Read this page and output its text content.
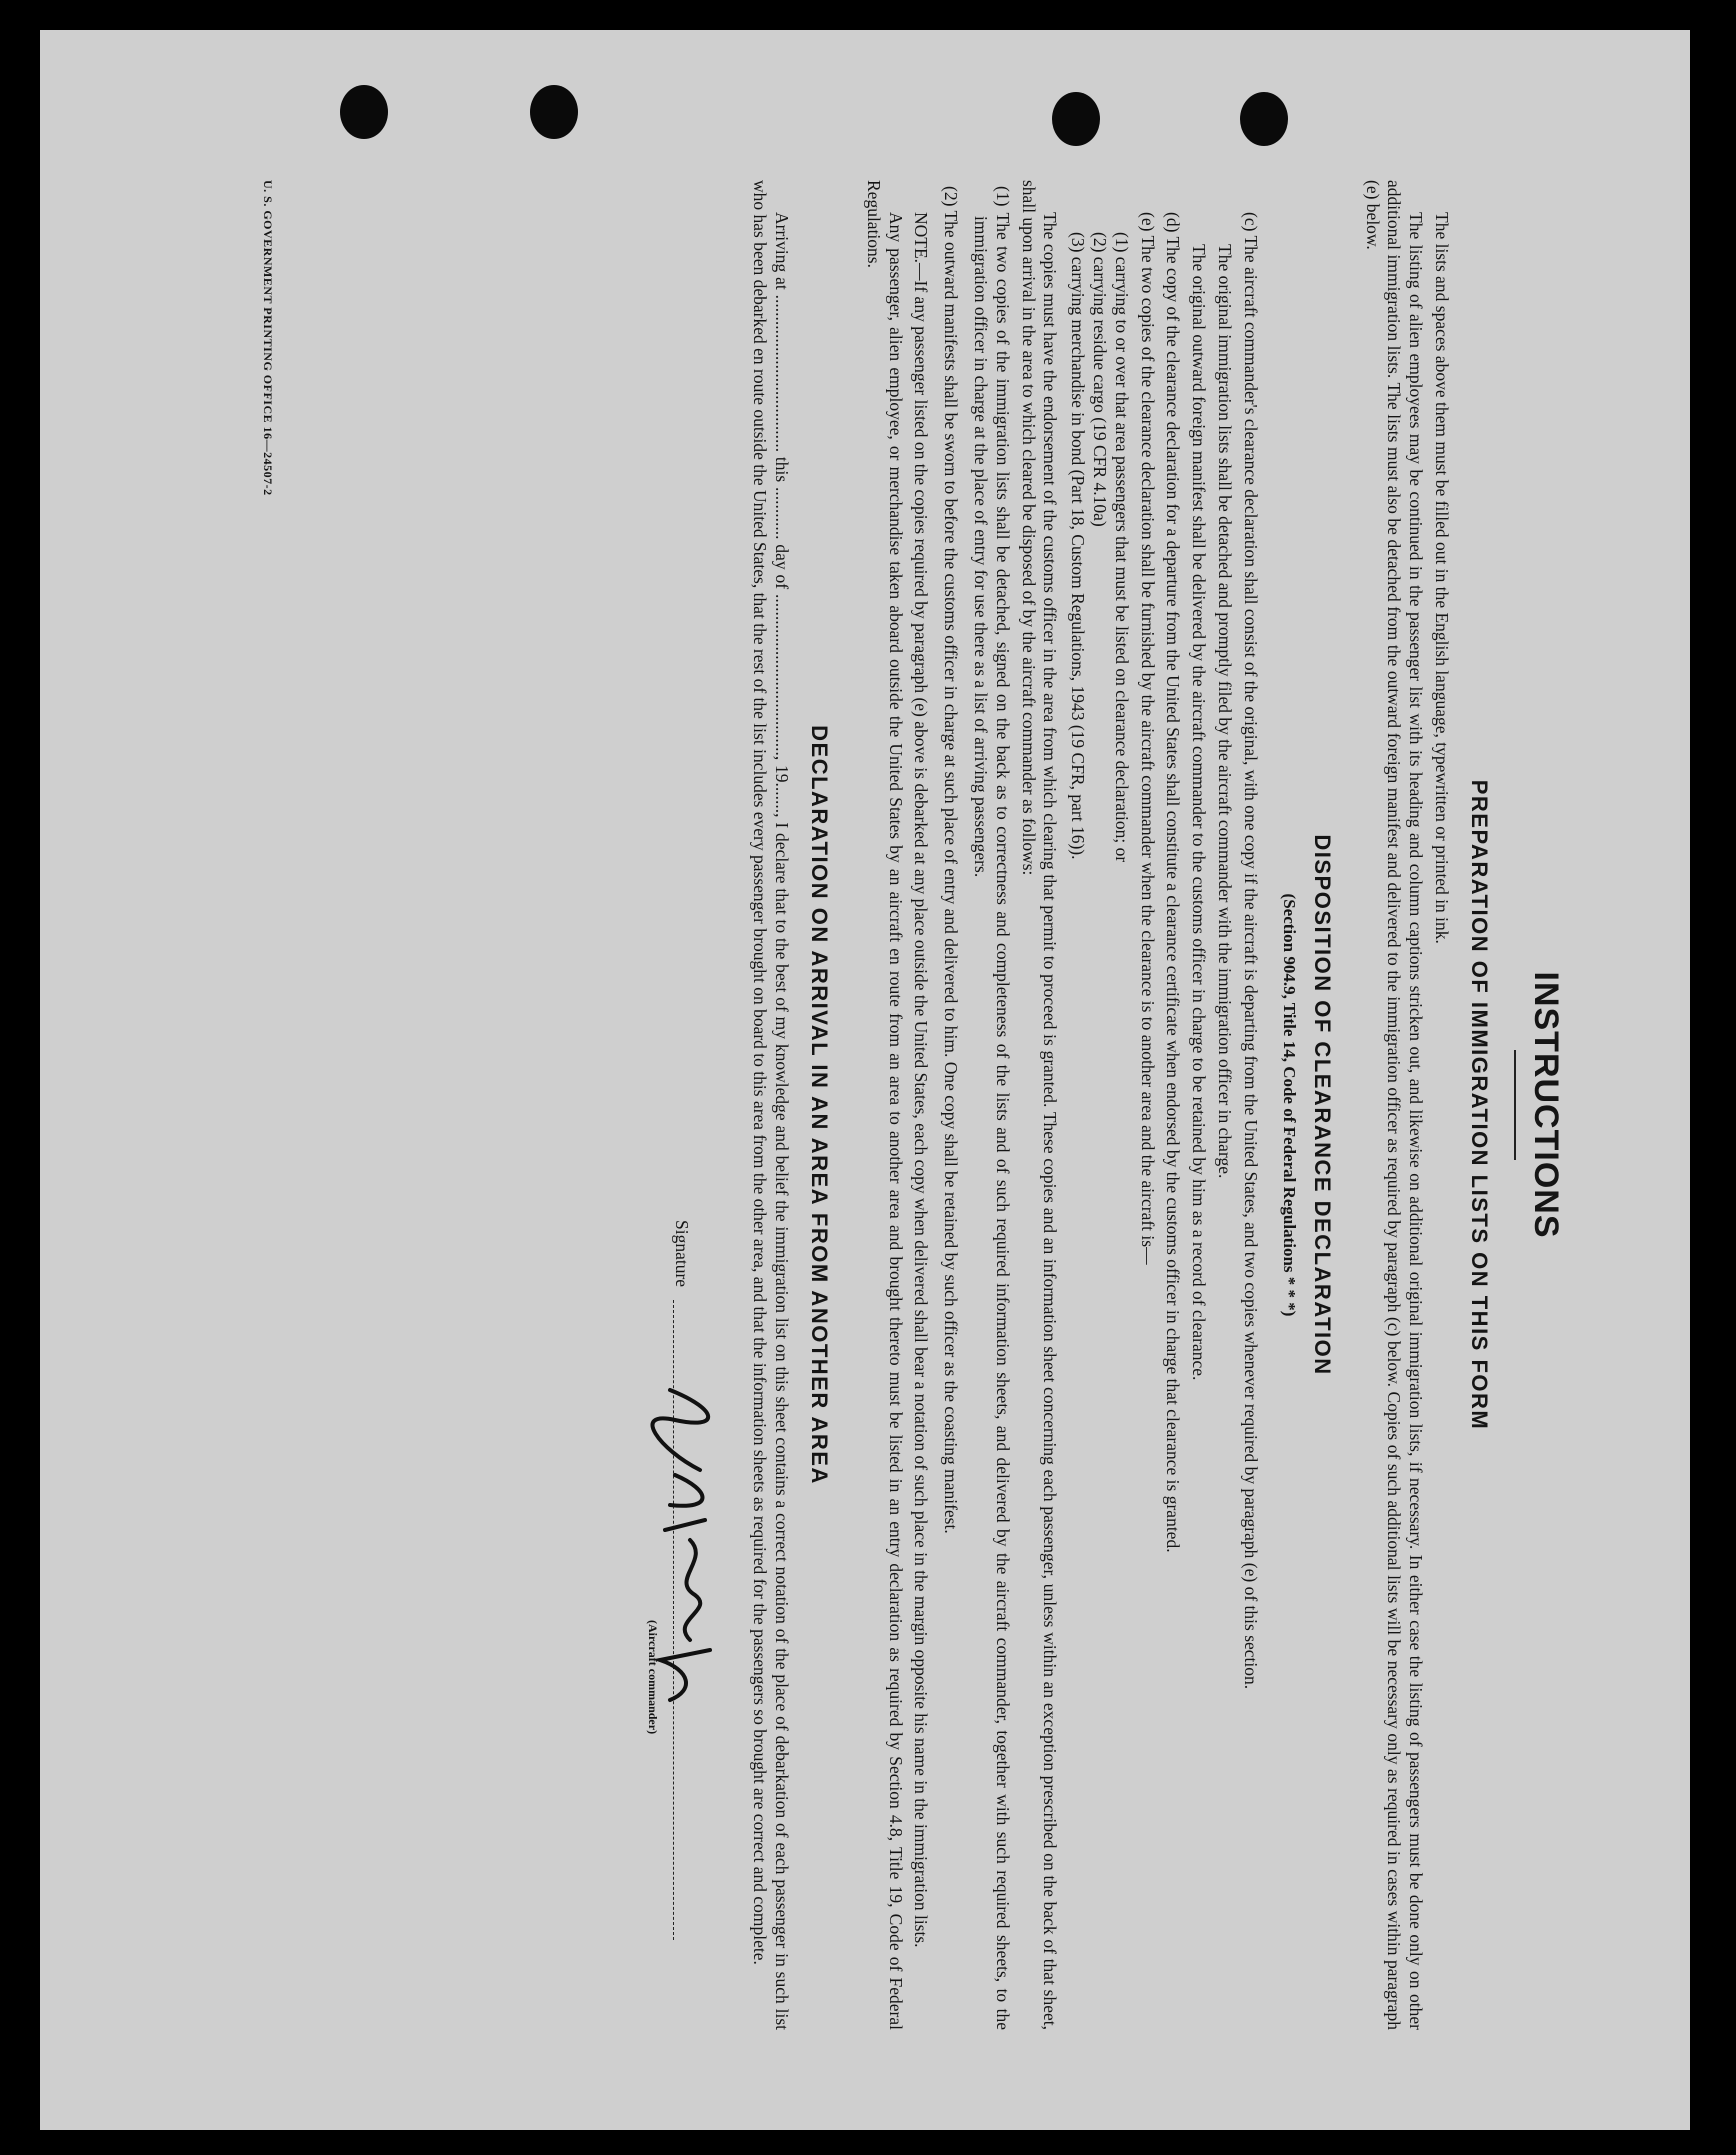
INSTRUCTIONS
PREPARATION OF IMMIGRATION LISTS ON THIS FORM

The lists and spaces above them must be filled out in the English language, typewritten or printed in ink.

The listing of alien employees may be continued in the passenger list with its heading and column captions stricken out, and likewise on additional original immigration lists, if necessary. In either case the listing of passengers must be done only on other additional immigration lists. The lists must also be detached from the outward foreign manifest and delivered to the immigration officer as required by paragraph (c) below. Copies of such additional lists will be necessary only as required in cases within paragraph (e) below.

DISPOSITION OF CLEARANCE DECLARATION
(Section 904.9, Title 14, Code of Federal Regulations * * *)

(c) The aircraft commander's clearance declaration shall consist of the original, with one copy if the aircraft is departing from the United States, and two copies whenever required by paragraph (e) of this section.

The original immigration lists shall be detached and promptly filed by the aircraft commander with the immigration officer in charge.

The original outward foreign manifest shall be delivered by the aircraft commander to the customs officer in charge to be retained by him as a record of clearance.

(d) The copy of the clearance declaration for a departure from the United States shall constitute a clearance certificate when endorsed by the customs officer in charge that clearance is granted.

(e) The two copies of the clearance declaration shall be furnished by the aircraft commander when the clearance is to another area and the aircraft is—

(1) carrying to or over that area passengers that must be listed on clearance declaration; or
(2) carrying residue cargo (19 CFR 4.10a)
(3) carrying merchandise in bond (Part 18, Custom Regulations, 1943 (19 CFR, part 16)).

The copies must have the endorsement of the customs officer in the area from which clearing that permit to proceed is granted. These copies and an information sheet concerning each passenger, unless within an exception prescribed on the back of that sheet, shall upon arrival in the area to which cleared be disposed of by the aircraft commander as follows:

(1) The two copies of the immigration lists shall be detached, signed on the back as to correctness and completeness of the lists and of such required information sheets, and delivered by the aircraft commander, together with such required sheets, to the immigration officer in charge at the place of entry for use there as a list of arriving passengers.

(2) The outward manifests shall be sworn to before the customs officer in charge at such place of entry and delivered to him. One copy shall be retained by such officer as the coasting manifest.

NOTE.—If any passenger listed on the copies required by paragraph (e) above is debarked at any place outside the United States, each copy when delivered shall bear a notation of such place in the margin opposite his name in the immigration lists.

Any passenger, alien employee, or merchandise taken aboard outside the United States by an aircraft en route from an area to another area and brought thereto must be listed in an entry declaration as required by Section 4.8, Title 19, Code of Federal Regulations.

DECLARATION ON ARRIVAL IN AN AREA FROM ANOTHER AREA

Arriving at .................................... this ............ day of ....................................., 19......., I declare that to the best of my knowledge and belief the immigration list on this sheet contains a correct notation of the place of debarkation of each passenger in such list who has been debarked en route outside the United States, that the rest of the list includes every passenger brought on board to this area from the other area, and that the information sheets as required for the passengers so brought are correct and complete.

Signature
(Aircraft commander)
U. S. GOVERNMENT PRINTING OFFICE 16—24507-2
